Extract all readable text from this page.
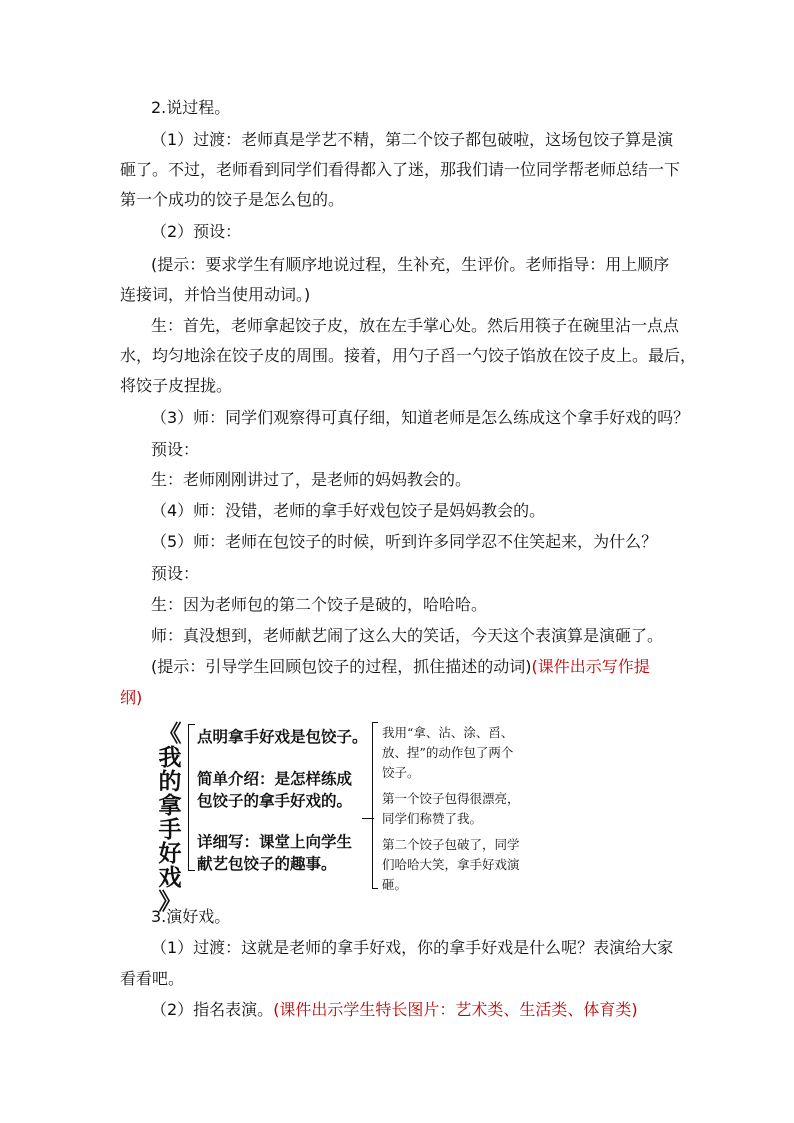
2.说过程。
（1）过渡：老师真是学艺不精，第二个饺子都包破啦，这场包饺子算是演
砸了。不过，老师看到同学们看得都入了迷，那我们请一位同学帮老师总结一下
第一个成功的饺子是怎么包的。
（2）预设：
(提示：要求学生有顺序地说过程，生补充，生评价。老师指导：用上顺序
连接词，并恰当使用动词。)
生：首先，老师拿起饺子皮，放在左手掌心处。然后用筷子在碗里沾一点点
水，均匀地涂在饺子皮的周围。接着，用勺子舀一勺饺子馅放在饺子皮上。最后，
将饺子皮捏拢。
（3）师：同学们观察得可真仔细，知道老师是怎么练成这个拿手好戏的吗？
预设：
生：老师刚刚讲过了，是老师的妈妈教会的。
（4）师：没错，老师的拿手好戏包饺子是妈妈教会的。
（5）师：老师在包饺子的时候，听到许多同学忍不住笑起来，为什么？
预设：
生：因为老师包的第二个饺子是破的，哈哈哈。
师：真没想到，老师献艺闹了这么大的笑话，今天这个表演算是演砸了。
(提示：引导学生回顾包饺子的过程，抓住描述的动词)(课件出示写作提
纲)
《
我
的
拿
手
好
戏
》
点明拿手好戏是包饺子。
简单介绍：是怎样练成
包饺子的拿手好戏的。
详细写：课堂上向学生
献艺包饺子的趣事。
我用“拿、沾、涂、舀、
放、捏”的动作包了两个
饺子。
第一个饺子包得很漂亮，
同学们称赞了我。
第二个饺子包破了，同学
们哈哈大笑，拿手好戏演
砸。
3.演好戏。
（1）过渡：这就是老师的拿手好戏，你的拿手好戏是什么呢？表演给大家
看看吧。
（2）指名表演。(课件出示学生特长图片：艺术类、生活类、体育类)
